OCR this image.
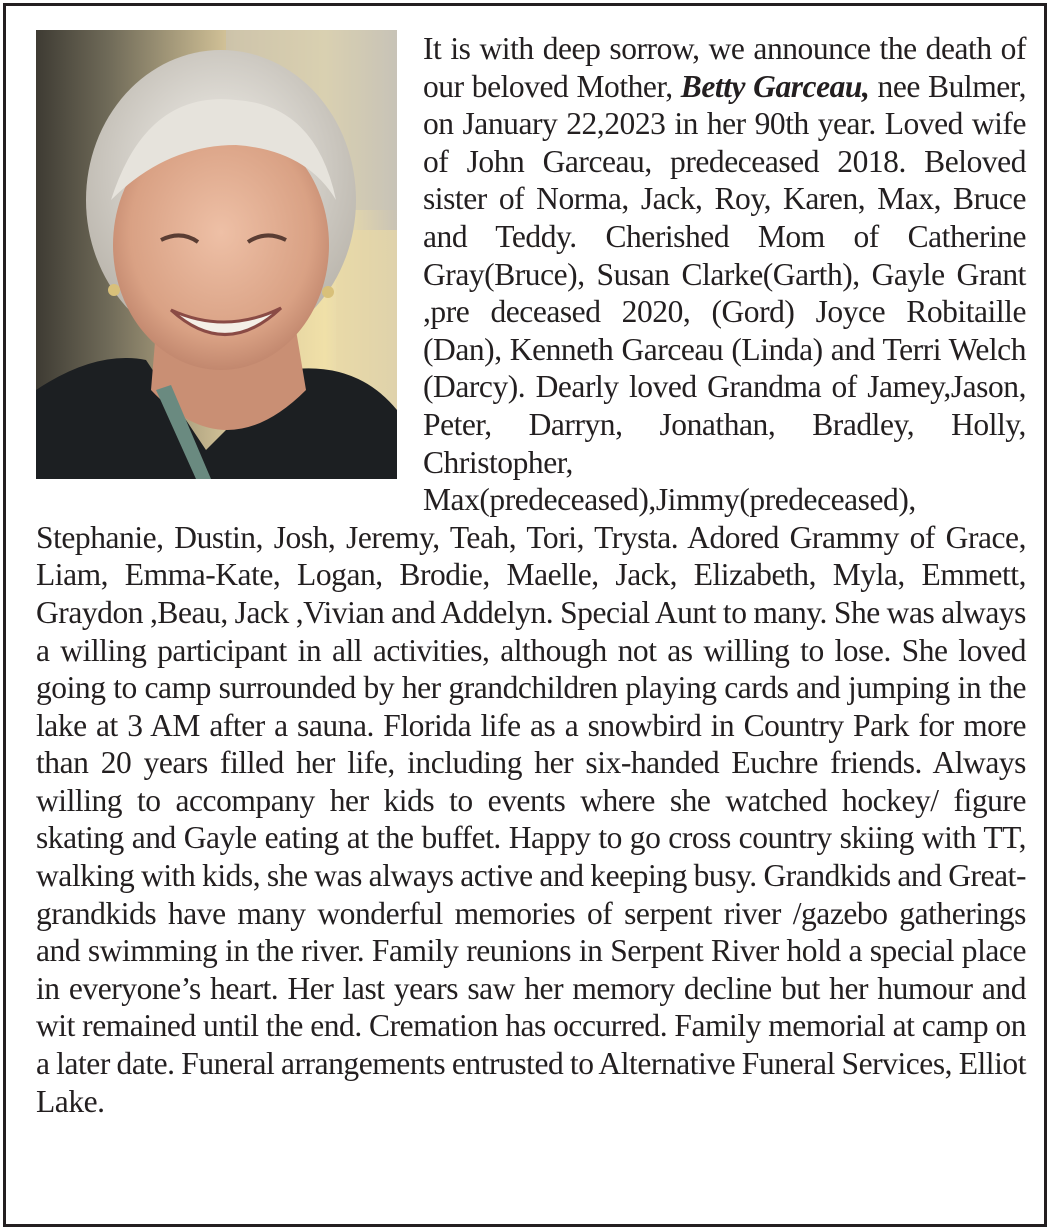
It is with deep sorrow, we announce the death of our beloved Mother, Betty Garceau, nee Bulmer, on January 22,2023 in her 90th year. Loved wife of John Garceau, predeceased 2018. Beloved sister of Norma, Jack, Roy, Karen, Max, Bruce and Teddy. Cherished Mom of Catherine Gray(Bruce), Susan Clarke(Garth), Gayle Grant ,pre deceased 2020, (Gord) Joyce Robitaille (Dan), Kenneth Garceau (Linda) and Terri Welch (Darcy). Dearly loved Grandma of Jamey,Jason, Peter, Darryn, Jonathan, Bradley, Holly, Christopher, Max(predeceased),Jimmy(predeceased), Stephanie, Dustin, Josh, Jeremy, Teah, Tori, Trysta. Adored Grammy of Grace, Liam, Emma-Kate, Logan, Brodie, Maelle, Jack, Elizabeth, Myla, Emmett, Graydon ,Beau, Jack ,Vivian and Addelyn. Special Aunt to many. She was always a willing participant in all activities, although not as willing to lose. She loved going to camp surrounded by her grandchildren playing cards and jumping in the lake at 3 AM after a sauna. Florida life as a snowbird in Country Park for more than 20 years filled her life, including her six-handed Euchre friends. Always willing to accompany her kids to events where she watched hockey/ figure skating and Gayle eating at the buffet. Happy to go cross country skiing with TT, walking with kids, she was always active and keeping busy. Grandkids and Great-grandkids have many wonderful memories of serpent river /gazebo gatherings and swimming in the river. Family reunions in Serpent River hold a special place in everyone’s heart. Her last years saw her memory decline but her humour and wit remained until the end. Cremation has occurred. Family memorial at camp on a later date. Funeral arrangements entrusted to Alternative Funeral Services, Elliot Lake.
